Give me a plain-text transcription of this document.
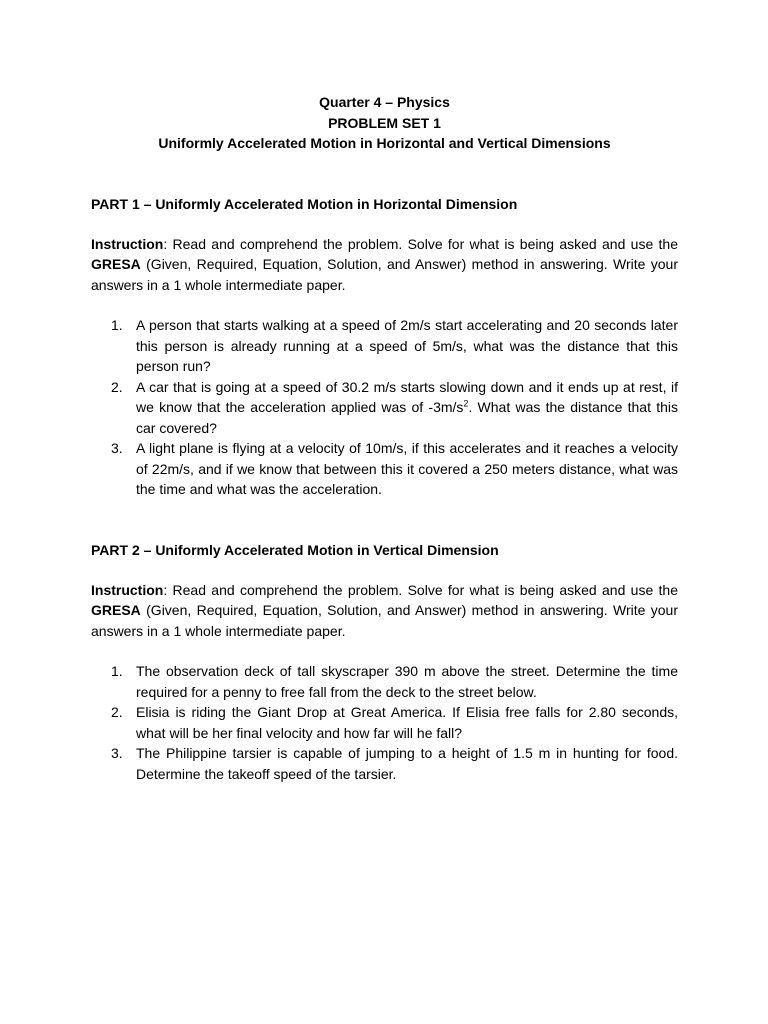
Quarter 4 – Physics
PROBLEM SET 1
Uniformly Accelerated Motion in Horizontal and Vertical Dimensions
PART 1 – Uniformly Accelerated Motion in Horizontal Dimension
Instruction: Read and comprehend the problem. Solve for what is being asked and use the GRESA (Given, Required, Equation, Solution, and Answer) method in answering. Write your answers in a 1 whole intermediate paper.
1. A person that starts walking at a speed of 2m/s start accelerating and 20 seconds later this person is already running at a speed of 5m/s, what was the distance that this person run?
2. A car that is going at a speed of 30.2 m/s starts slowing down and it ends up at rest, if we know that the acceleration applied was of $-3m/s^2$. What was the distance that this car covered?
3. A light plane is flying at a velocity of 10m/s, if this accelerates and it reaches a velocity of 22m/s, and if we know that between this it covered a 250 meters distance, what was the time and what was the acceleration.
PART 2 – Uniformly Accelerated Motion in Vertical Dimension
Instruction: Read and comprehend the problem. Solve for what is being asked and use the GRESA (Given, Required, Equation, Solution, and Answer) method in answering. Write your answers in a 1 whole intermediate paper.
1. The observation deck of tall skyscraper 390 m above the street. Determine the time required for a penny to free fall from the deck to the street below.
2. Elisia is riding the Giant Drop at Great America. If Elisia free falls for 2.80 seconds, what will be her final velocity and how far will he fall?
3. The Philippine tarsier is capable of jumping to a height of 1.5 m in hunting for food. Determine the takeoff speed of the tarsier.
